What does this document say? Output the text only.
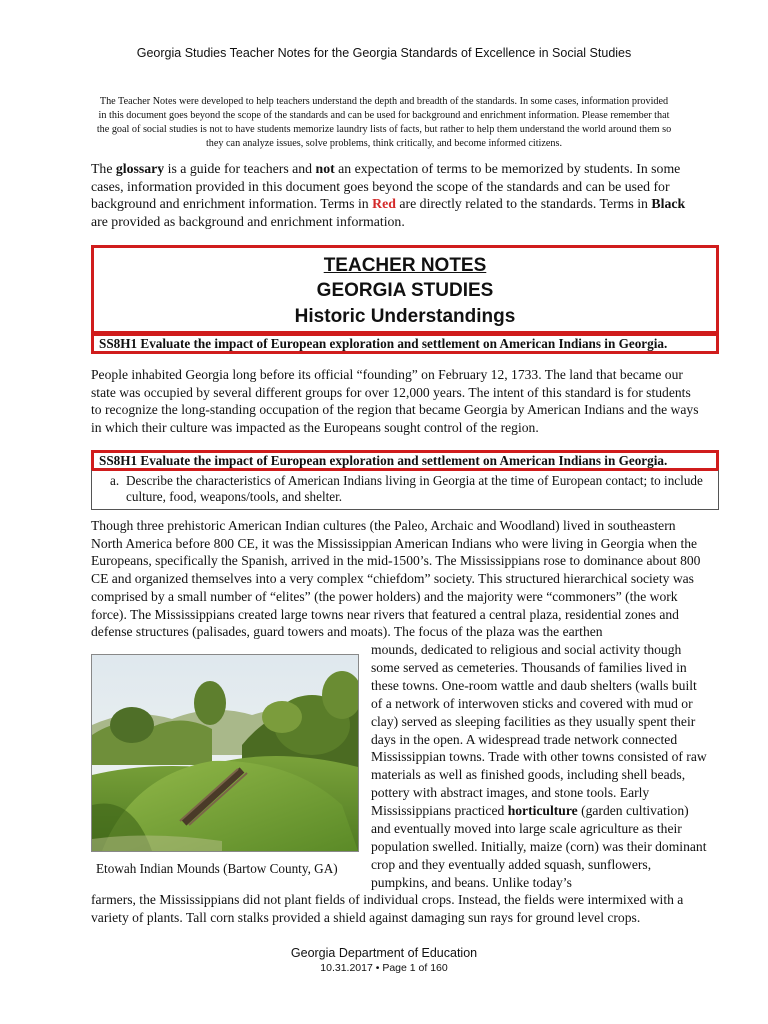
Georgia Studies Teacher Notes for the Georgia Standards of Excellence in Social Studies

The Teacher Notes were developed to help teachers understand the depth and breadth of the standards. In some cases, information provided in this document goes beyond the scope of the standards and can be used for background and enrichment information. Please remember that the goal of social studies is not to have students memorize laundry lists of facts, but rather to help them understand the world around them so they can analyze issues, solve problems, think critically, and become informed citizens.

The glossary is a guide for teachers and not an expectation of terms to be memorized by students. In some cases, information provided in this document goes beyond the scope of the standards and can be used for background and enrichment information. Terms in Red are directly related to the standards. Terms in Black are provided as background and enrichment information.

TEACHER NOTES
GEORGIA STUDIES
Historic Understandings
SS8H1 Evaluate the impact of European exploration and settlement on American Indians in Georgia.

People inhabited Georgia long before its official “founding” on February 12, 1733. The land that became our state was occupied by several different groups for over 12,000 years. The intent of this standard is for students to recognize the long-standing occupation of the region that became Georgia by American Indians and the ways in which their culture was impacted as the Europeans sought control of the region.

SS8H1 Evaluate the impact of European exploration and settlement on American Indians in Georgia.
a. Describe the characteristics of American Indians living in Georgia at the time of European contact; to include culture, food, weapons/tools, and shelter.

Though three prehistoric American Indian cultures (the Paleo, Archaic and Woodland) lived in southeastern North America before 800 CE, it was the Mississippian American Indians who were living in Georgia when the Europeans, specifically the Spanish, arrived in the mid-1500’s. The Mississippians rose to dominance about 800 CE and organized themselves into a very complex “chiefdom” society. This structured hierarchical society was comprised by a small number of “elites” (the power holders) and the majority were “commoners” (the work force). The Mississippians created large towns near rivers that featured a central plaza, residential zones and defense structures (palisades, guard towers and moats). The focus of the plaza was the earthen

mounds, dedicated to religious and social activity though some served as cemeteries. Thousands of families lived in these towns. One-room wattle and daub shelters (walls built of a network of interwoven sticks and covered with mud or clay) served as sleeping facilities as they usually spent their days in the open. A widespread trade network connected Mississippian towns. Trade with other towns consisted of raw materials as well as finished goods, including shell beads, pottery with abstract images, and stone tools. Early Mississippians practiced horticulture (garden cultivation) and eventually moved into large scale agriculture as their population swelled. Initially, maize (corn) was their dominant crop and they eventually added squash, sunflowers, pumpkins, and beans. Unlike today’s

Etowah Indian Mounds (Bartow County, GA)

farmers, the Mississippians did not plant fields of individual crops. Instead, the fields were intermixed with a variety of plants. Tall corn stalks provided a shield against damaging sun rays for ground level crops.

Georgia Department of Education
10.31.2017 • Page 1 of 160
